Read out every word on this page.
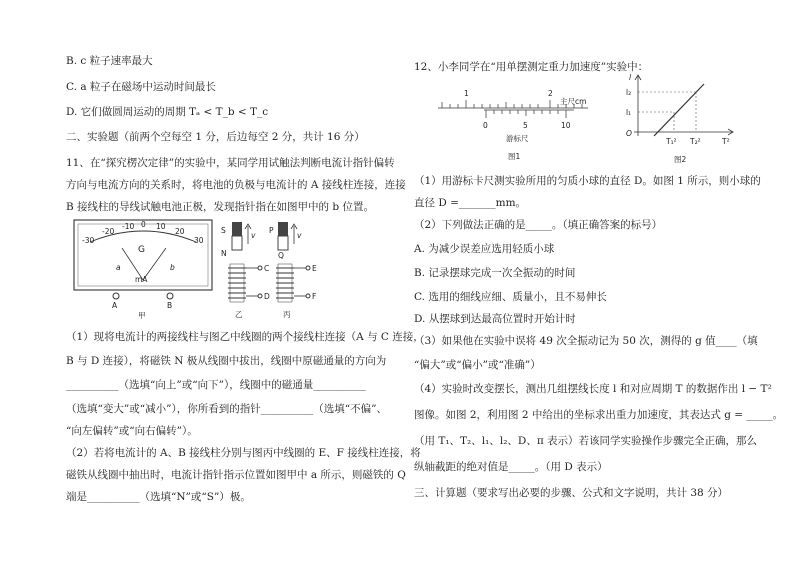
B. c 粒子速率最大
C. a 粒子在磁场中运动时间最长
D. 它们做圆周运动的周期 Tₐ < T_b < T_c
二、实验题（前两个空每空 1 分，后边每空 2 分，共计 16 分）
11、在“探究楞次定律”的实验中，某同学用试触法判断电流计指针偏转
方向与电流方向的关系时，将电池的负极与电流计的 A 接线柱连接，连接
B 接线柱的导线试触电池正极，发现指针指在如图甲中的 b 位置。
-30
-20
-10 0 10
20
30
G
a	b
mA
A	B
甲
S
N
v
P
Q
v
C
D
乙
E
F
丙
（1）现将电流计的两接线柱与图乙中线圈的两个接线柱连接（A 与 C 连接，
B 与 D 连接），将磁铁 N 极从线圈中拔出，线圈中原磁通量的方向为
__________（选填“向上”或“向下”），线圈中的磁通量__________
（选填“变大”或“减小”），你所看到的指针__________（选填“不偏”、
“向左偏转”或“向右偏转”）。
（2）若将电流计的 A、B 接线柱分别与图丙中线圈的 E、F 接线柱连接，将
磁铁从线圈中抽出时，电流计指针指示位置如图甲中 a 所示，则磁铁的 Q
端是__________（选填“N”或“S”）极。
12、小李同学在“用单摆测定重力加速度”实验中：
1	2
主尺cm
0	5	10
游标尺
图1
l
l₂
l₁
O
T₁² T₂²	T²
图2
（1）用游标卡尺测实验所用的匀质小球的直径 D。如图 1 所示，则小球的
直径 D =_______mm。
（2）下列做法正确的是_____。（填正确答案的标号）
A. 为减少误差应选用轻质小球
B. 记录摆球完成一次全振动的时间
C. 选用的细线应细、质量小，且不易伸长
D. 从摆球到达最高位置时开始计时
（3）如果他在实验中误将 49 次全振动记为 50 次，测得的 g 值____（填
“偏大”或“偏小”或“准确”）
（4）实验时改变摆长，测出几组摆线长度 l 和对应周期 T 的数据作出 l − T²
图像。如图 2，利用图 2 中给出的坐标求出重力加速度，其表达式 g = _____。
（用 T₁、T₂、l₁、l₂、D、π 表示）若该同学实验操作步骤完全正确，那么
纵轴截距的绝对值是_____。（用 D 表示）
三、计算题（要求写出必要的步骤、公式和文字说明，共计 38 分）
